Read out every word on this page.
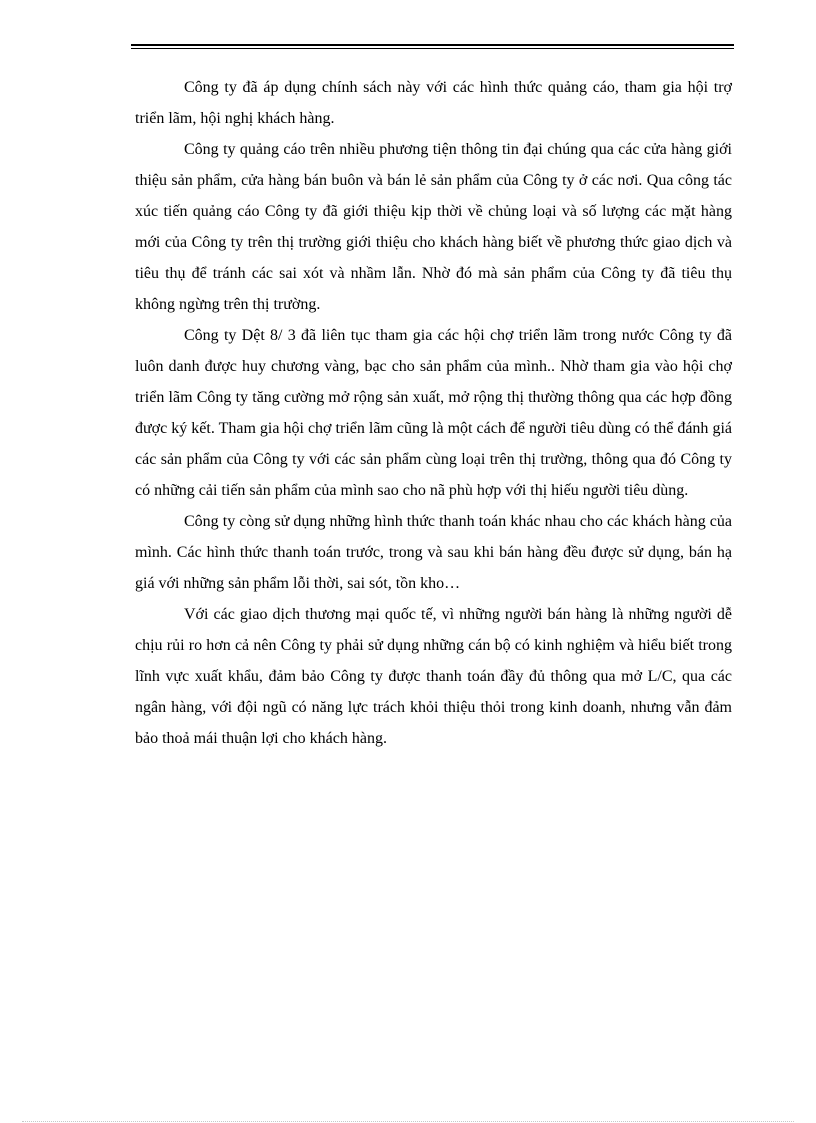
Công ty đã áp dụng chính sách này với các hình thức quảng cáo, tham gia hội trợ triển lãm, hội nghị khách hàng.

Công ty quảng cáo trên nhiều phương tiện thông tin đại chúng qua các cửa hàng giới thiệu sản phẩm, cửa hàng bán buôn và bán lẻ sản phẩm của Công ty ở các nơi. Qua công tác xúc tiến quảng cáo Công ty đã giới thiệu kịp thời về chủng loại và số lượng các mặt hàng mới của Công ty trên thị trường giới thiệu cho khách hàng biết về phương thức giao dịch và tiêu thụ để tránh các sai xót và nhầm lẫn. Nhờ đó mà sản phẩm của Công ty đã tiêu thụ không ngừng trên thị trường.

Công ty Dệt 8/ 3 đã liên tục tham gia các hội chợ triển lãm trong nước Công ty đã luôn danh được huy chương vàng, bạc cho sản phẩm của mình.. Nhờ tham gia vào hội chợ triển lãm Công ty tăng cường mở rộng sản xuất, mở rộng thị thường thông qua các hợp đồng được ký kết. Tham gia hội chợ triển lãm cũng là một cách để người tiêu dùng có thể đánh giá các sản phẩm của Công ty với các sản phẩm cùng loại trên thị trường, thông qua đó Công ty có những cải tiến sản phẩm của mình sao cho nã phù hợp với thị hiếu người tiêu dùng.

Công ty còng sử dụng những hình thức thanh toán khác nhau cho các khách hàng của mình. Các hình thức thanh toán trước, trong và sau khi bán hàng đều được sử dụng, bán hạ giá với những sản phẩm lỗi thời, sai sót, tồn kho…

Với các giao dịch thương mại quốc tế, vì những người bán hàng là những người dễ chịu rủi ro hơn cả nên Công ty phải sử dụng những cán bộ có kinh nghiệm và hiểu biết trong lĩnh vực xuất khẩu, đảm bảo Công ty được thanh toán đầy đủ thông qua mở L/C, qua các ngân hàng, với đội ngũ có năng lực trách khỏi thiệu thỏi trong kinh doanh, nhưng vẫn đảm bảo thoả mái thuận lợi cho khách hàng.
